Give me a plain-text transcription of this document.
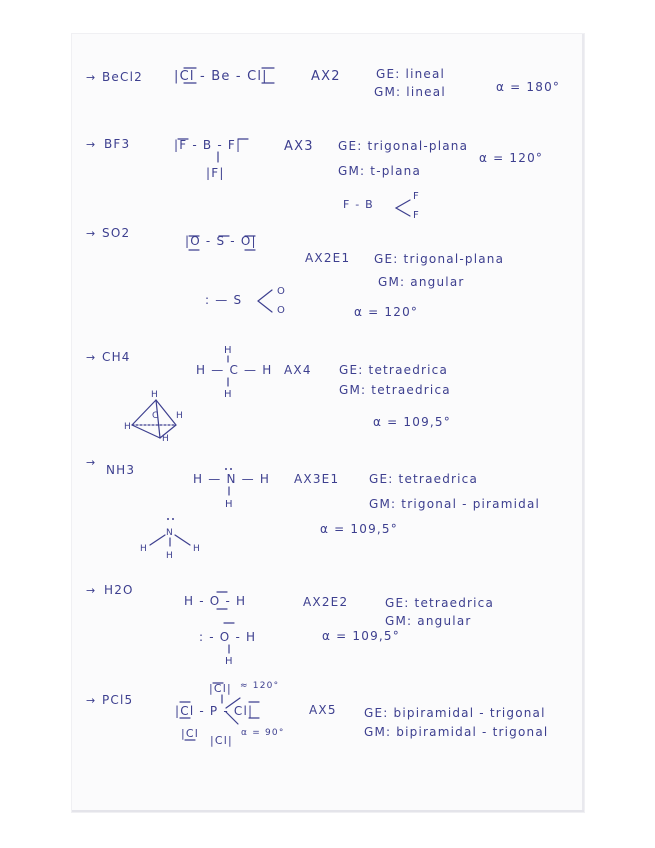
→ BeCl2 |Cl - Be - Cl|	AX2	GE: lineal
GM: lineal	α = 180°
→ BF3	|F - B - F|
|F|
AX3 GE: trigonal-plana
α = 120°
GM: t-plana
F - B
F
F
→ SO2
|O - S - O|
AX2E1 GE: trigonal-plana
GM: angular
: — S
O
O	α = 120°
→ CH4	H
H — C — H
H
AX4 GE: tetraedrica
GM: tetraedrica
α = 109,5°
H
C
H
H
H
→
NH3
H — N — H
H
AX3E1 GE: tetraedrica
GM: trigonal - piramidal
α = 109,5°
N
H
H
H
→ H2O
H - O - H	AX2E2	GE: tetraedrica
GM: angular
: - O - H
H
α = 109,5°
→ PCl5
|Cl| ≈ 120°
|Cl - P - Cl|
|Cl
|Cl|
α = 90°
AX5 GE: bipiramidal - trigonal
GM: bipiramidal - trigonal
